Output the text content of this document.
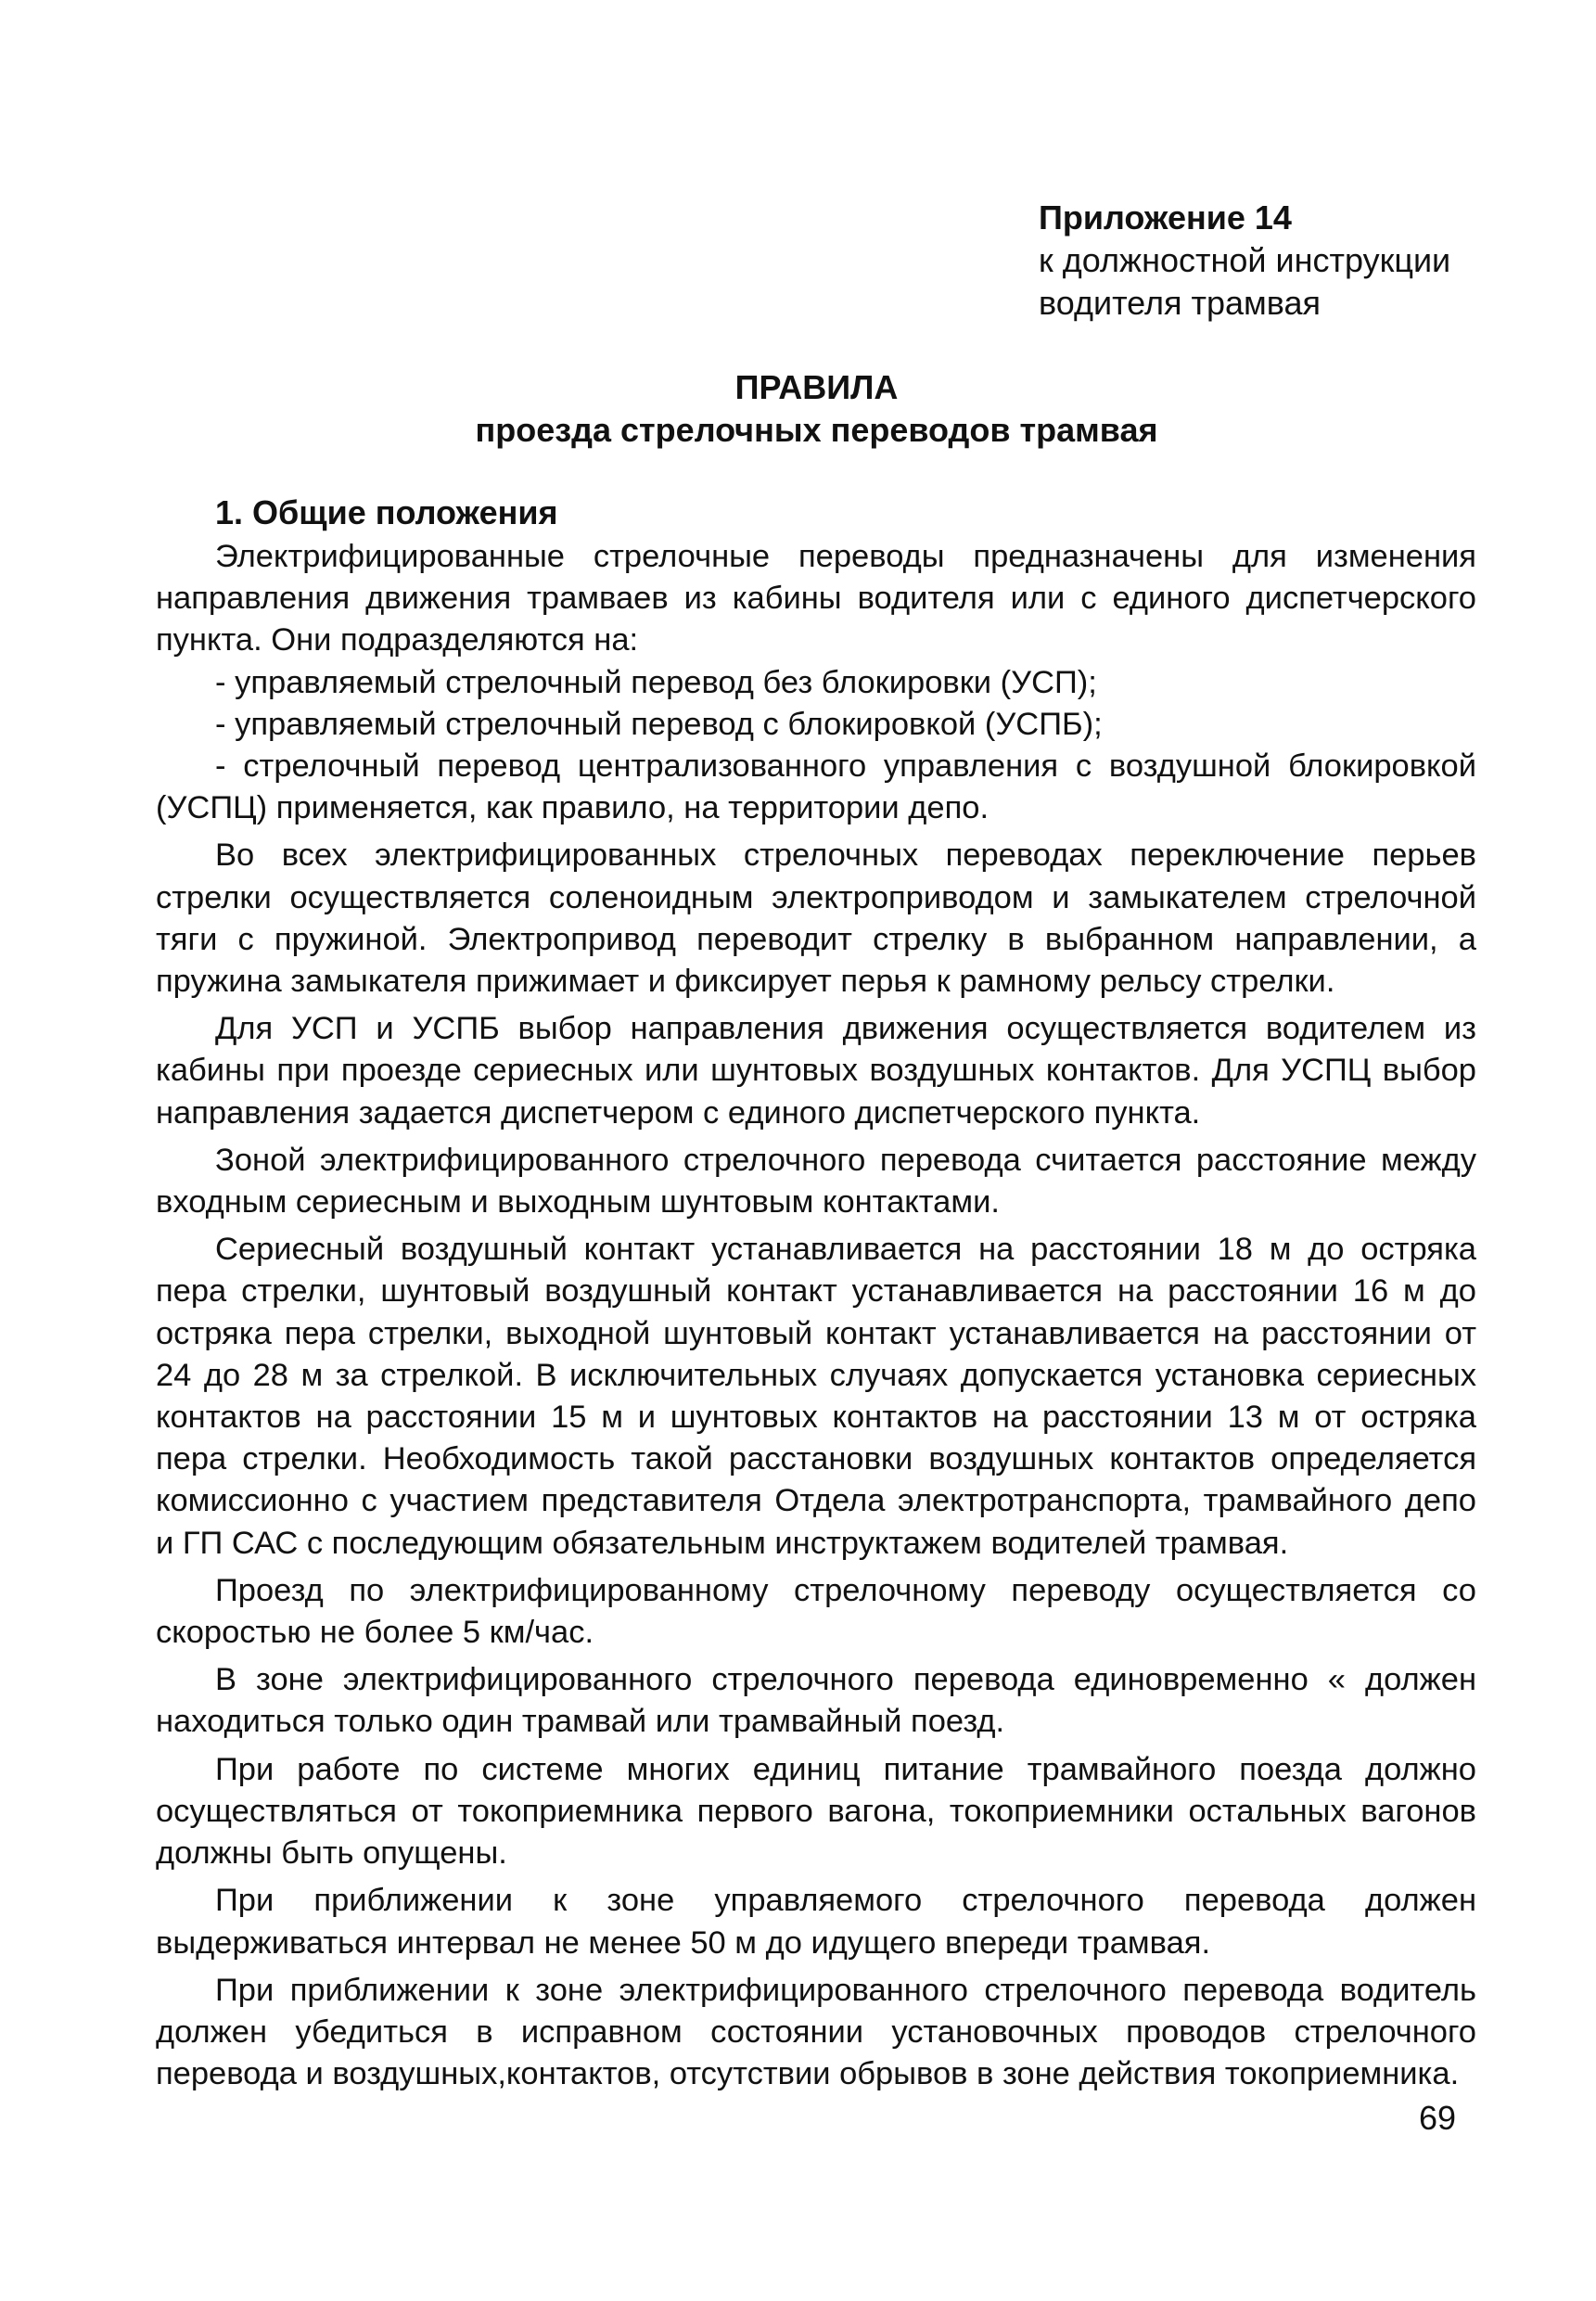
Приложение 14
к должностной инструкции
водителя трамвая
ПРАВИЛА
проезда стрелочных переводов трамвая
1. Общие положения

Электрифицированные стрелочные переводы предназначены для изменения направления движения трамваев из кабины водителя или с единого диспетчерского пункта. Они подразделяются на:

- управляемый стрелочный перевод без блокировки (УСП);

- управляемый стрелочный перевод с блокировкой (УСПБ);

- стрелочный перевод централизованного управления с воздушной блокировкой (УСПЦ) применяется, как правило, на территории депо.

Во всех электрифицированных стрелочных переводах переключение перьев стрелки осуществляется соленоидным электроприводом и замыкателем стрелочной тяги с пружиной. Электропривод переводит стрелку в выбранном направлении, а пружина замыкателя прижимает и фиксирует перья к рамному рельсу стрелки.

Для УСП и УСПБ выбор направления движения осуществляется водителем из кабины при проезде сериесных или шунтовых воздушных контактов. Для УСПЦ выбор направления задается диспетчером с единого диспетчерского пункта.

Зоной электрифицированного стрелочного перевода считается расстояние между входным сериесным и выходным шунтовым контактами.

Сериесный воздушный контакт устанавливается на расстоянии 18 м до остряка пера стрелки, шунтовый воздушный контакт устанавливается на расстоянии 16 м до остряка пера стрелки, выходной шунтовый контакт устанавливается на расстоянии от 24 до 28 м за стрелкой. В исключительных случаях допускается установка сериесных контактов на расстоянии 15 м и шунтовых контактов на расстоянии 13 м от остряка пера стрелки. Необходимость такой расстановки воздушных контактов определяется комиссионно с участием представителя Отдела электротранспорта, трамвайного депо и ГП САС с последующим обязательным инструктажем водителей трамвая.

Проезд по электрифицированному стрелочному переводу осуществляется со скоростью не более 5 км/час.

В зоне электрифицированного стрелочного перевода единовременно « должен находиться только один трамвай или трамвайный поезд.

При работе по системе многих единиц питание трамвайного поезда должно осуществляться от токоприемника первого вагона, токоприемники остальных вагонов должны быть опущены.

При приближении к зоне управляемого стрелочного перевода должен выдерживаться интервал не менее 50 м до идущего впереди трамвая.

При приближении к зоне электрифицированного стрелочного перевода водитель должен убедиться в исправном состоянии установочных проводов стрелочного перевода и воздушных,контактов, отсутствии обрывов в зоне действия токоприемника.

69
